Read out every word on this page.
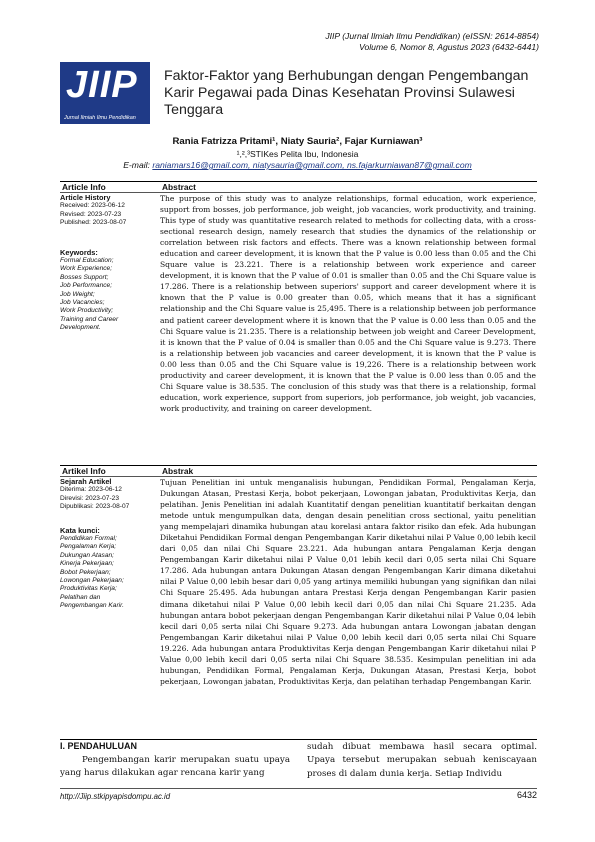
JIIP (Jurnal Ilmiah Ilmu Pendidikan) (eISSN: 2614-8854)
Volume 6, Nomor 8, Agustus 2023 (6432-6441)
JIIP
Jurnal Ilmiah Ilmu Pendidikan
Faktor-Faktor yang Berhubungan dengan Pengembangan
Karir Pegawai pada Dinas Kesehatan Provinsi Sulawesi
Tenggara
Rania Fatrizza Pritami¹, Niaty Sauria², Fajar Kurniawan³
¹,²,³STIKes Pelita Ibu, Indonesia
E-mail: raniamars16@gmail.com, niatysauria@gmail.com, ns.fajarkurniawan87@gmail.com
Article Info	Abstract
Article History
Received: 2023-06-12
Revised: 2023-07-23
Published: 2023-08-07
Keywords:
Formal Education;
Work Experience;
Bosses Support;
Job Performance;
Job Weight;
Job Vacancies;
Work Productivity;
Training and Career
Development.

The purpose of this study was to analyze relationships, formal education, work experience, support from bosses, job performance, job weight, job vacancies, work productivity, and training. This type of study was quantitative research related to methods for collecting data, with a cross-sectional research design, namely research that studies the dynamics of the relationship or correlation between risk factors and effects. There was a known relationship between formal education and career development, it is known that the P value is 0.00 less than 0.05 and the Chi Square value is 23.221. There is a relationship between work experience and career development, it is known that the P value of 0.01 is smaller than 0.05 and the Chi Square value is 17.286. There is a relationship between superiors' support and career development where it is known that the P value is 0.00 greater than 0.05, which means that it has a significant relationship and the Chi Square value is 25,495. There is a relationship between job performance and patient career development where it is known that the P value is 0.00 less than 0.05 and the Chi Square value is 21.235. There is a relationship between job weight and Career Development, it is known that the P value of 0.04 is smaller than 0.05 and the Chi Square value is 9.273. There is a relationship between job vacancies and career development, it is known that the P value is 0.00 less than 0.05 and the Chi Square value is 19,226. There is a relationship between work productivity and career development, it is known that the P value is 0.00 less than 0.05 and the Chi Square value is 38.535. The conclusion of this study was that there is a relationship, formal education, work experience, support from superiors, job performance, job weight, job vacancies, work productivity, and training on career development.

Artikel Info	Abstrak
Sejarah Artikel
Diterima: 2023-06-12
Direvisi: 2023-07-23
Dipublikasi: 2023-08-07
Kata kunci:
Pendidikan Formal;
Pengalaman Kerja;
Dukungan Atasan;
Kinerja Pekerjaan;
Bobot Pekerjaan;
Lowongan Pekerjaan;
Produktivitas Kerja;
Pelatihan dan
Pengembangan Karir.

Tujuan Penelitian ini untuk menganalisis hubungan, Pendidikan Formal, Pengalaman Kerja, Dukungan Atasan, Prestasi Kerja, bobot pekerjaan, Lowongan jabatan, Produktivitas Kerja, dan pelatihan. Jenis Penelitian ini adalah Kuantitatif dengan penelitian kuantitatif berkaitan dengan metode untuk mengumpulkan data, dengan desain penelitian cross sectional, yaitu penelitian yang mempelajari dinamika hubungan atau korelasi antara faktor risiko dan efek. Ada hubungan Diketahui Pendidikan Formal dengan Pengembangan Karir diketahui nilai P Value 0,00 lebih kecil dari 0,05 dan nilai Chi Square 23.221. Ada hubungan antara Pengalaman Kerja dengan Pengembangan Karir diketahui nilai P Value 0,01 lebih kecil dari 0,05 serta nilai Chi Square 17.286. Ada hubungan antara Dukungan Atasan dengan Pengembangan Karir dimana diketahui nilai P Value 0,00 lebih besar dari 0,05 yang artinya memiliki hubungan yang signifikan dan nilai Chi Square 25.495. Ada hubungan antara Prestasi Kerja dengan Pengembangan Karir pasien dimana diketahui nilai P Value 0,00 lebih kecil dari 0,05 dan nilai Chi Square 21.235. Ada hubungan antara bobot pekerjaan dengan Pengembangan Karir diketahui nilai P Value 0,04 lebih kecil dari 0,05 serta nilai Chi Square 9.273. Ada hubungan antara Lowongan jabatan dengan Pengembangan Karir diketahui nilai P Value 0,00 lebih kecil dari 0,05 serta nilai Chi Square 19.226. Ada hubungan antara Produktivitas Kerja dengan Pengembangan Karir diketahui nilai P Value 0,00 lebih kecil dari 0,05 serta nilai Chi Square 38.535. Kesimpulan penelitian ini ada hubungan, Pendidikan Formal, Pengalaman Kerja, Dukungan Atasan, Prestasi Kerja, bobot pekerjaan, Lowongan jabatan, Produktivitas Kerja, dan pelatihan terhadap Pengembangan Karir.

I. PENDAHULUAN
Pengembangan karir merupakan suatu upaya yang harus dilakukan agar rencana karir yang
sudah dibuat membawa hasil secara optimal. Upaya tersebut merupakan sebuah keniscayaan proses di dalam dunia kerja. Setiap Individu
http://Jiip.stkipyapisdompu.ac.id	6432
